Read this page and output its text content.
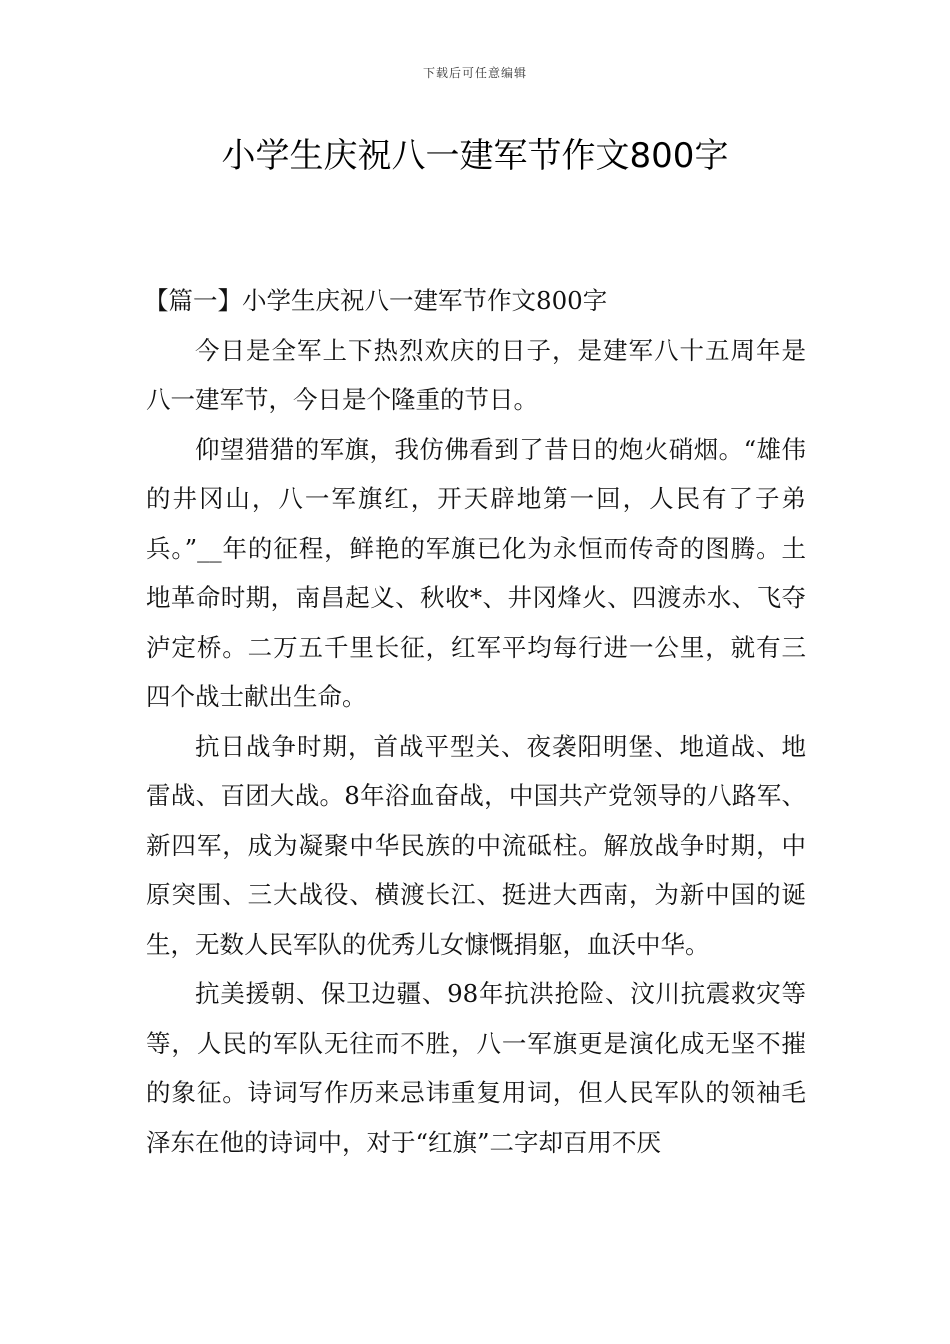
下载后可任意编辑
小学生庆祝八一建军节作文800字

【篇一】小学生庆祝八一建军节作文800字

今日是全军上下热烈欢庆的日子，是建军八十五周年是八一建军节，今日是个隆重的节日。

仰望猎猎的军旗，我仿佛看到了昔日的炮火硝烟。“雄伟的井冈山，八一军旗红，开天辟地第一回，人民有了子弟兵。”__年的征程，鲜艳的军旗已化为永恒而传奇的图腾。土地革命时期，南昌起义、秋收*、井冈烽火、四渡赤水、飞夺泸定桥。二万五千里长征，红军平均每行进一公里，就有三四个战士献出生命。

抗日战争时期，首战平型关、夜袭阳明堡、地道战、地雷战、百团大战。8年浴血奋战，中国共产党领导的八路军、新四军，成为凝聚中华民族的中流砥柱。解放战争时期，中原突围、三大战役、横渡长江、挺进大西南，为新中国的诞生，无数人民军队的优秀儿女慷慨捐躯，血沃中华。

抗美援朝、保卫边疆、98年抗洪抢险、汶川抗震救灾等等，人民的军队无往而不胜，八一军旗更是演化成无坚不摧的象征。诗词写作历来忌讳重复用词，但人民军队的领袖毛泽东在他的诗词中，对于“红旗”二字却百用不厌
